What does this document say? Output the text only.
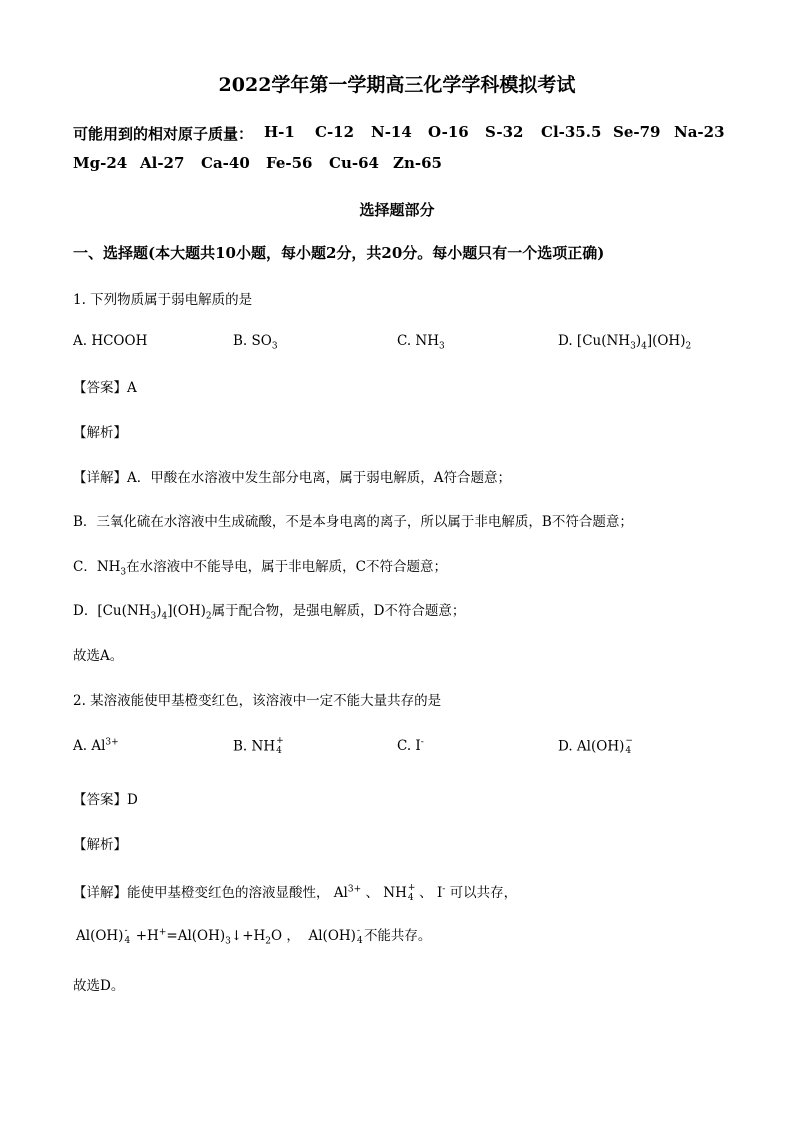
2022学年第一学期高三化学学科模拟考试
可能用到的相对原子质量： H-1 C-12 N-14 O-16 S-32 Cl-35.5 Se-79 Na-23
Mg-24 Al-27 Ca-40 Fe-56 Cu-64 Zn-65
选择题部分
一、选择题(本大题共10小题，每小题2分，共20分。每小题只有一个选项正确)
1. 下列物质属于弱电解质的是
A. HCOOH	B. $SO_3$	C. $NH_3$	D. $[Cu(NH_3)_4](OH)_2$
【答案】A
【解析】
【详解】A．甲酸在水溶液中发生部分电离，属于弱电解质，A符合题意；
B．三氧化硫在水溶液中生成硫酸，不是本身电离的离子，所以属于非电解质，B不符合题意；
C．$NH_3$在水溶液中不能导电，属于非电解质，C不符合题意；
D．$[Cu(NH_3)_4](OH)_2$属于配合物，是强电解质，D不符合题意；
故选A。
2. 某溶液能使甲基橙变红色，该溶液中一定不能大量共存的是
A. $Al^{3+}$	B. NH +
4	C. I-	D. Al(OH) −
4
【答案】D
【解析】
【详解】能使甲基橙变红色的溶液显酸性， $Al^{3+}$ 、 NH +
4 、 I- 可以共存，
Al(OH) -
$4 +H^+=Al(OH)_3↓+H_2O$ ， Al(OH) -
4 不能共存。
故选D。
